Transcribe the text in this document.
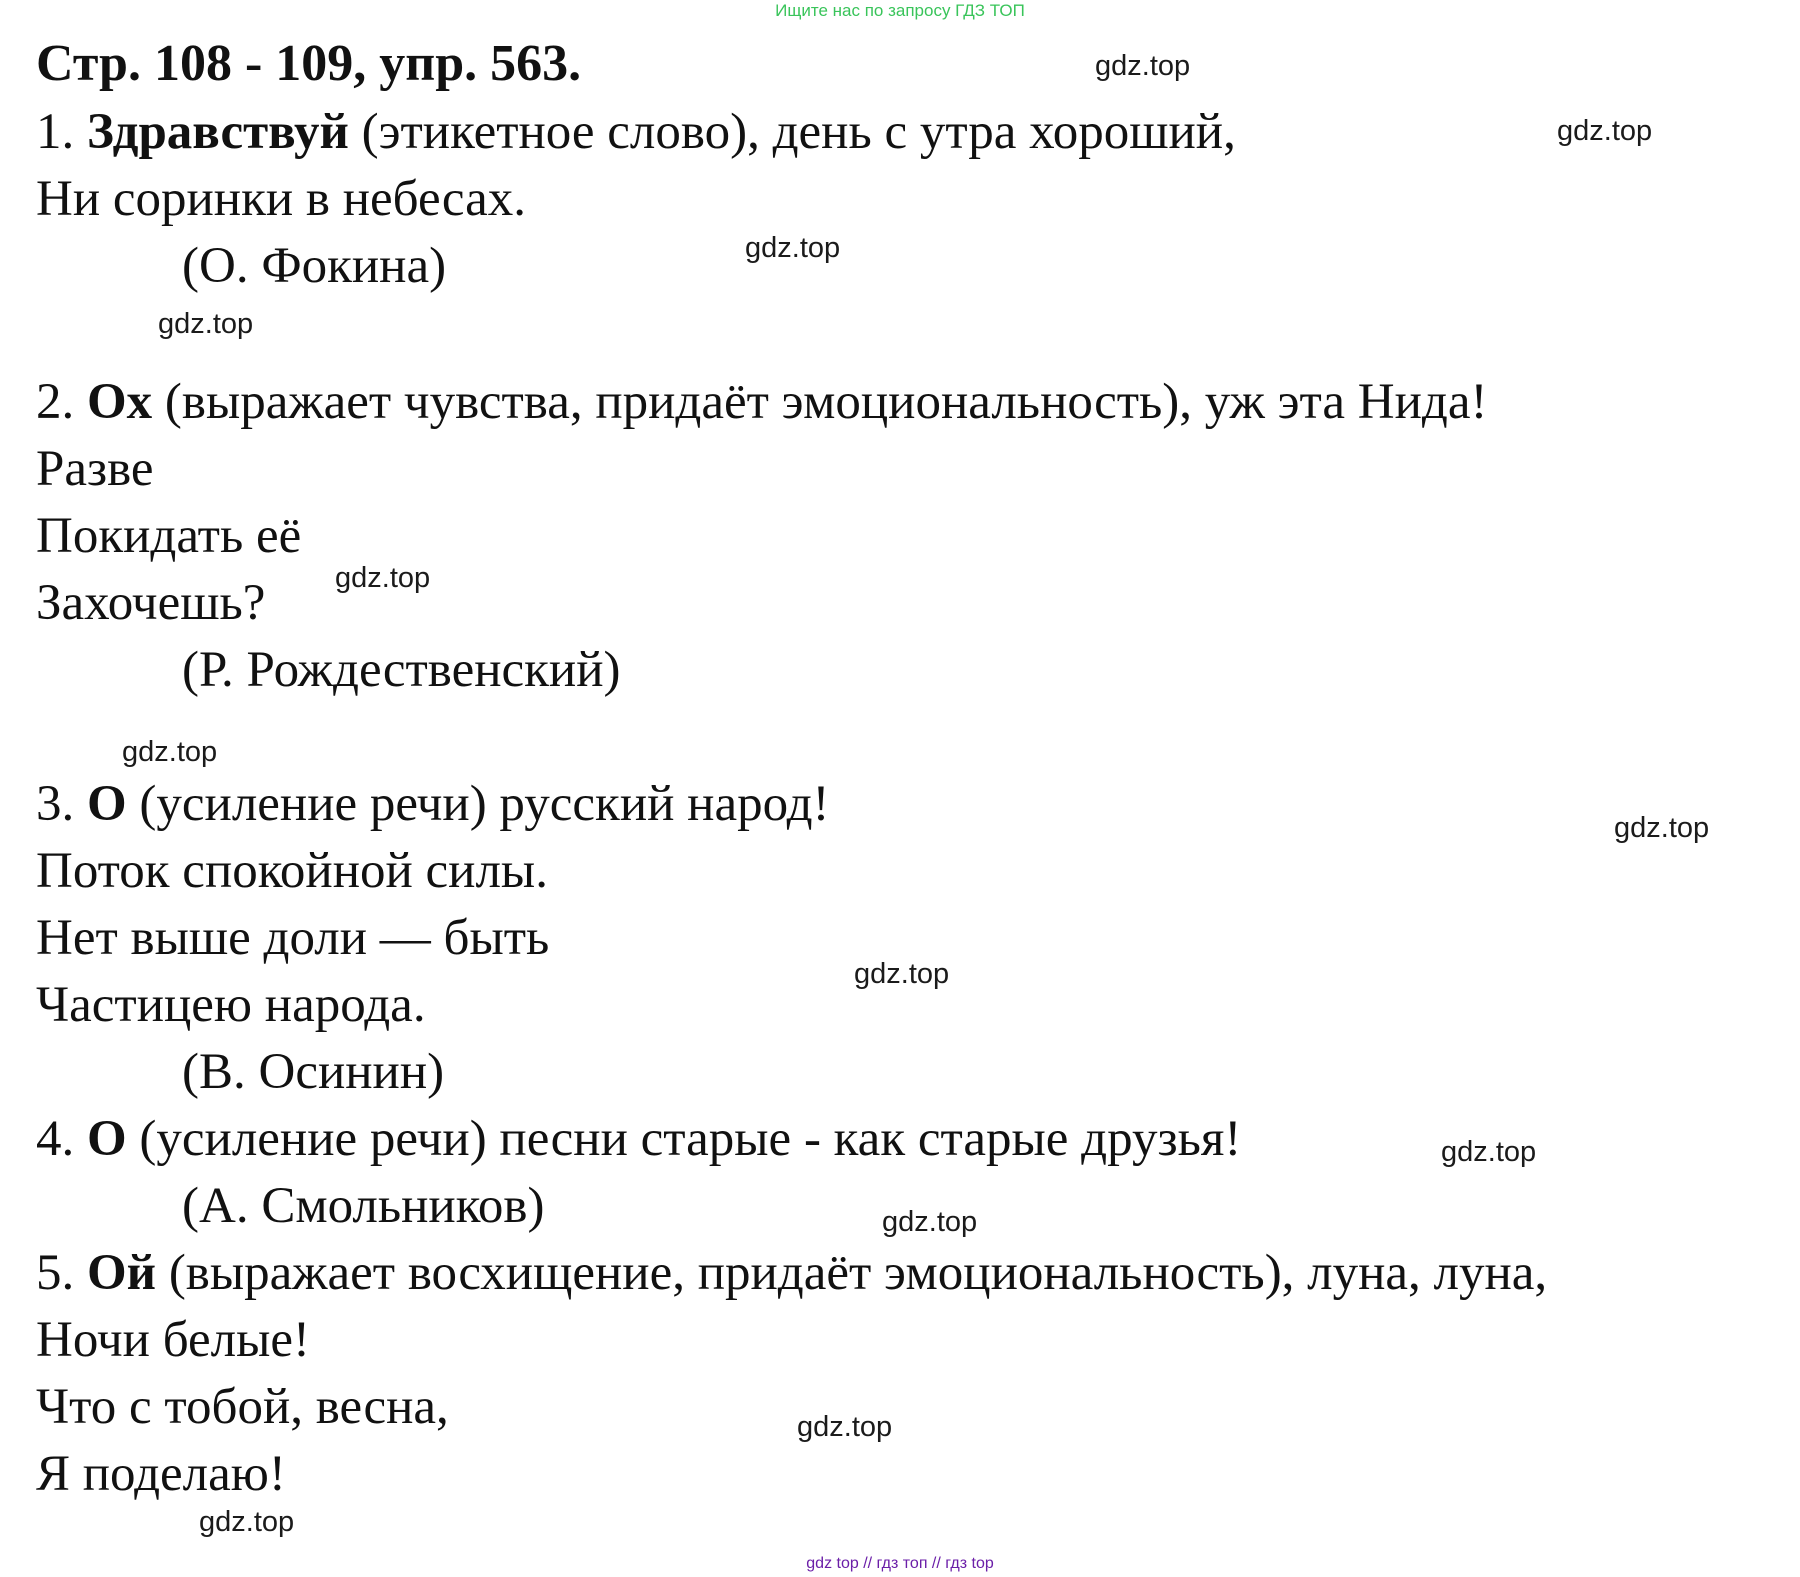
Ищите нас по запросу ГДЗ ТОП
Стр. 108 - 109, упр. 563.

1. Здравствуй (этикетное слово), день с утра хороший,

Ни соринки в небесах.

(О. Фокина)

2. Ох (выражает чувства, придаёт эмоциональность), уж эта Нида!

Разве

Покидать её

Захочешь?

(Р. Рождественский)

3. О (усиление речи) русский народ!

Поток спокойной силы.

Нет выше доли — быть

Частицею народа.

(В. Осинин)

4. О (усиление речи) песни старые - как старые друзья!

(А. Смольников)

5. Ой (выражает восхищение, придаёт эмоциональность), луна, луна,

Ночи белые!

Что с тобой, весна,

Я поделаю!

gdz.top
gdz.top
gdz.top
gdz.top
gdz.top
gdz.top
gdz.top
gdz.top
gdz.top
gdz.top
gdz.top
gdz.top
gdz top // гдз топ // гдз top
